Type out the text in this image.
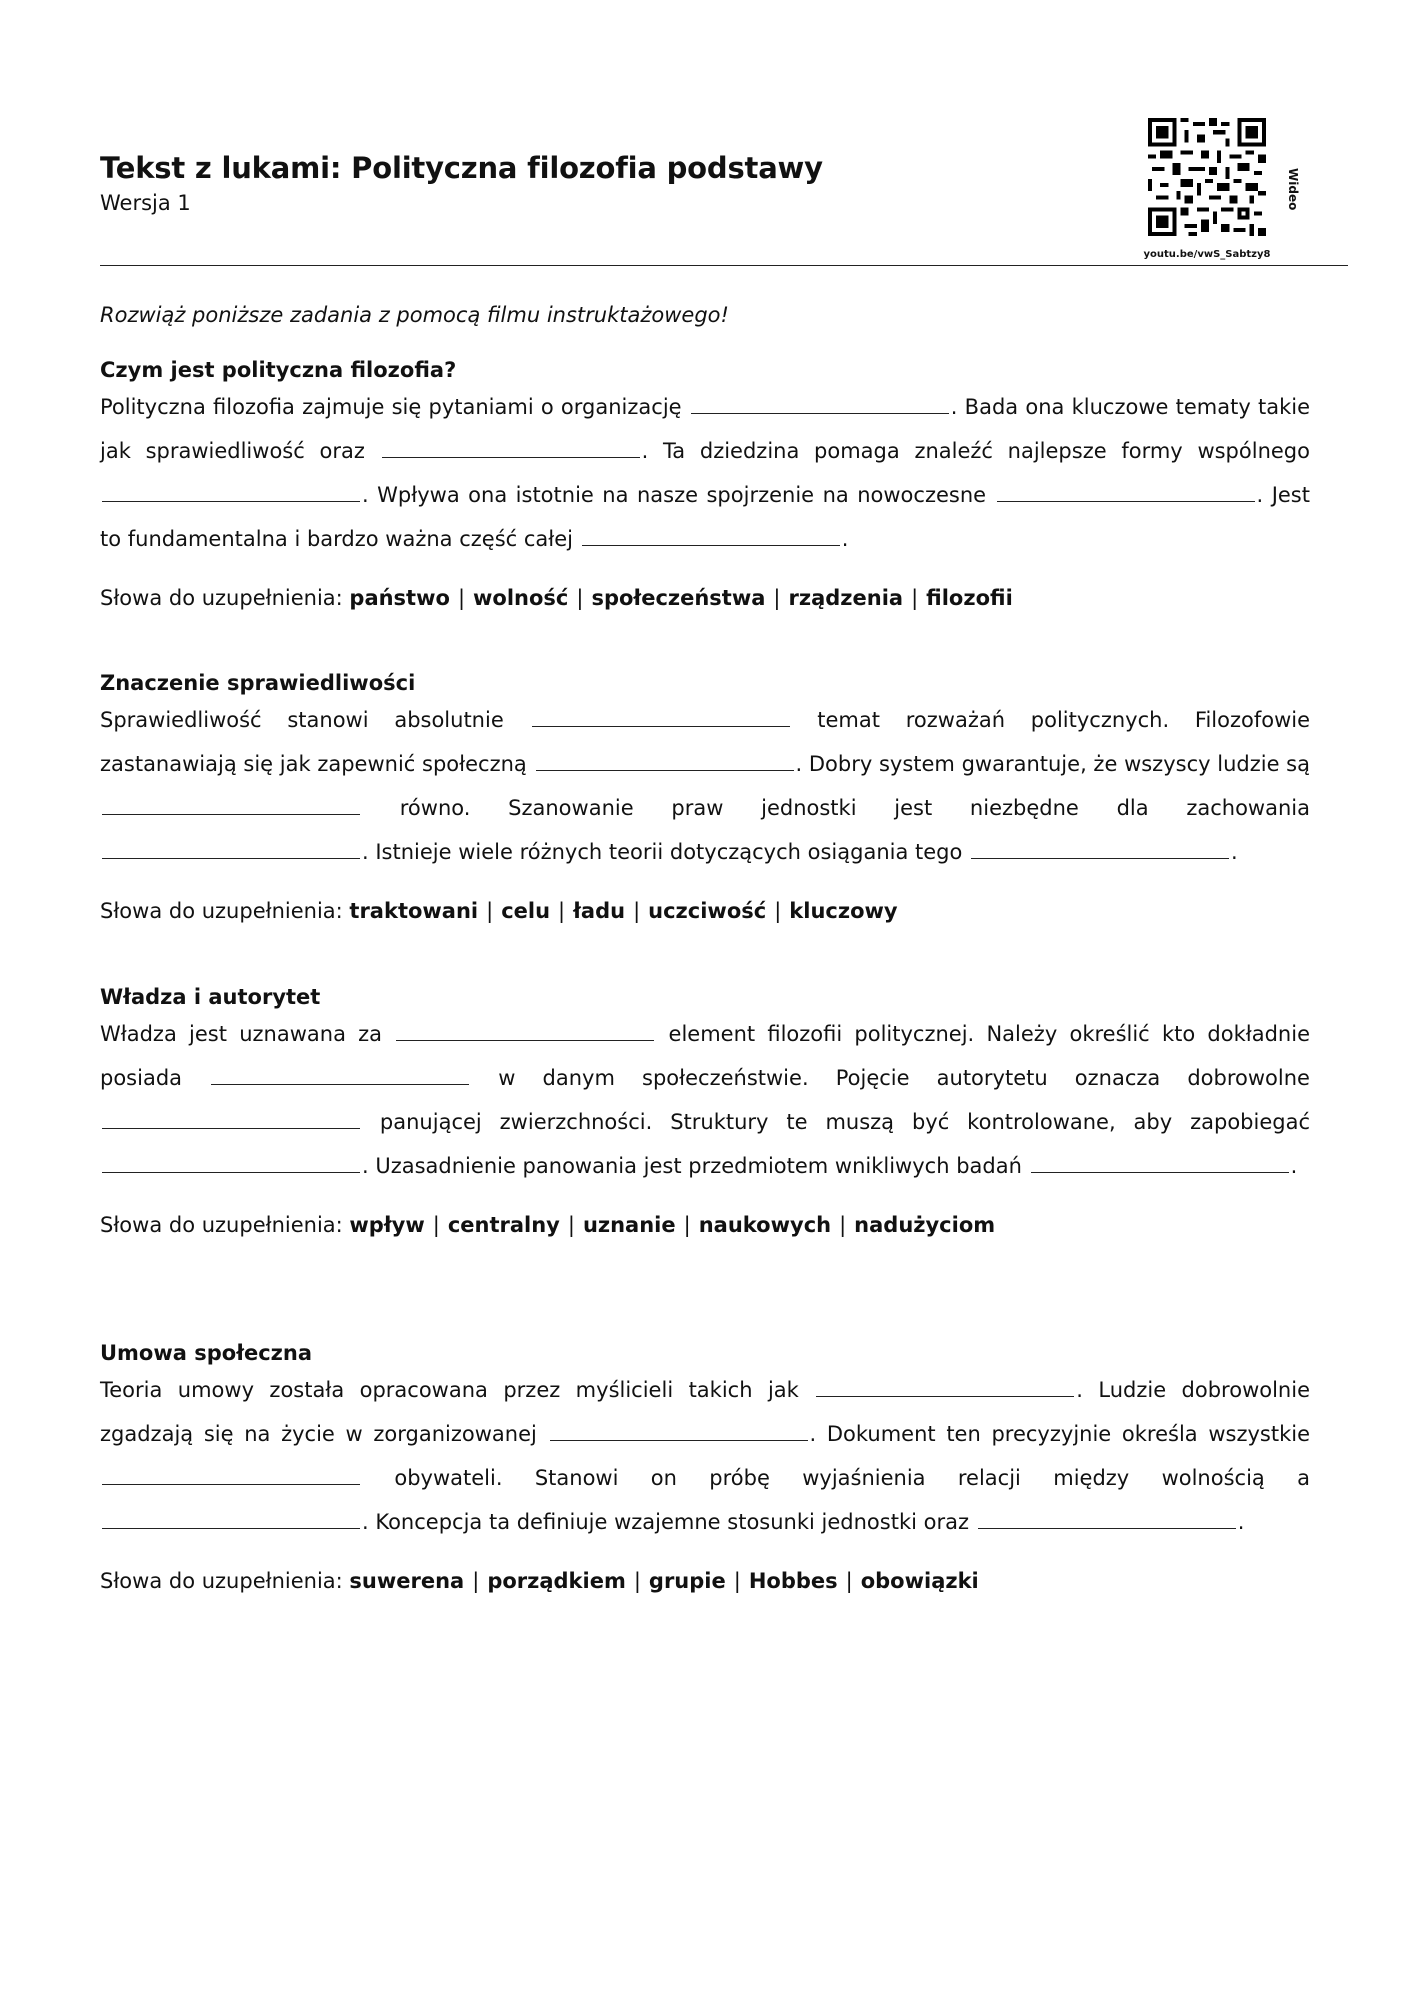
Tekst z lukami: Polityczna filozofia podstawy
Wersja 1
youtu.be/vwS_Sabtzy8
Wideo

Rozwiąż poniższe zadania z pomocą filmu instruktażowego!

Czym jest polityczna filozofia?

Polityczna filozofia zajmuje się pytaniami o organizację	. Bada ona kluczowe tematy takie jak sprawiedliwość oraz	. Ta dziedzina pomaga znaleźć najlepsze formy wspólnego . Wpływa ona istotnie na nasze spojrzenie na nowoczesne	. Jest to fundamentalna i bardzo ważna część całej	.

Słowa do uzupełnienia: państwo | wolność | społeczeństwa | rządzenia | filozofii

Znaczenie sprawiedliwości

Sprawiedliwość stanowi absolutnie	temat rozważań politycznych. Filozofowie zastanawiają się jak zapewnić społeczną	. Dobry system gwarantuje, że wszyscy ludzie są  równo. Szanowanie praw jednostki jest niezbędne dla zachowania . Istnieje wiele różnych teorii dotyczących osiągania tego	.

Słowa do uzupełnienia: traktowani | celu | ładu | uczciwość | kluczowy

Władza i autorytet

Władza jest uznawana za	element filozofii politycznej. Należy określić kto dokładnie posiada	w danym społeczeństwie. Pojęcie autorytetu oznacza dobrowolne  panującej zwierzchności. Struktury te muszą być kontrolowane, aby zapobiegać . Uzasadnienie panowania jest przedmiotem wnikliwych badań	.

Słowa do uzupełnienia: wpływ | centralny | uznanie | naukowych | nadużyciom

Umowa społeczna

Teoria umowy została opracowana przez myślicieli takich jak	. Ludzie dobrowolnie zgadzają się na życie w zorganizowanej	. Dokument ten precyzyjnie określa wszystkie  obywateli. Stanowi on próbę wyjaśnienia relacji między wolnością a . Koncepcja ta definiuje wzajemne stosunki jednostki oraz	.

Słowa do uzupełnienia: suwerena | porządkiem | grupie | Hobbes | obowiązki
